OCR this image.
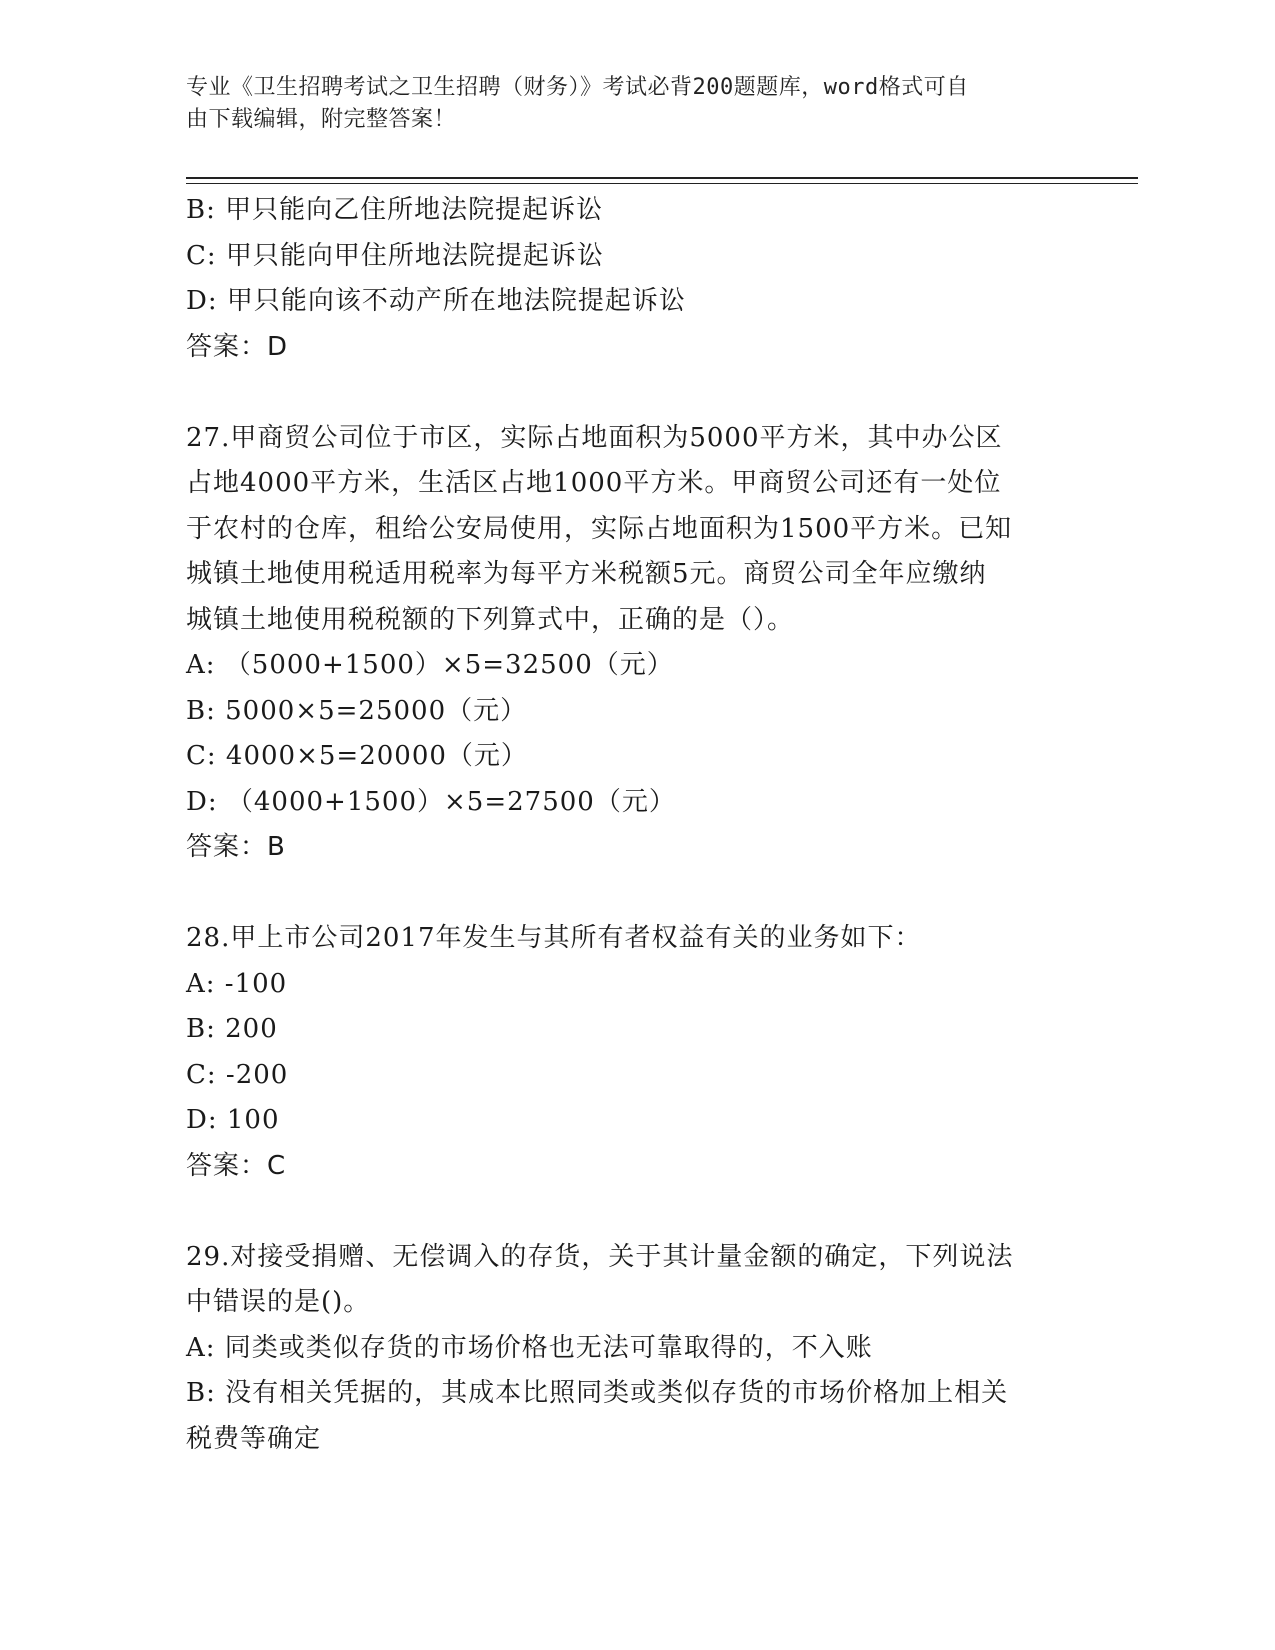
专业《卫生招聘考试之卫生招聘（财务）》考试必背200题题库，word格式可自
由下载编辑，附完整答案！
B: 甲只能向乙住所地法院提起诉讼
C: 甲只能向甲住所地法院提起诉讼
D: 甲只能向该不动产所在地法院提起诉讼
答案：D
27.甲商贸公司位于市区，实际占地面积为5000平方米，其中办公区
占地4000平方米，生活区占地1000平方米。甲商贸公司还有一处位
于农村的仓库，租给公安局使用，实际占地面积为1500平方米。已知
城镇土地使用税适用税率为每平方米税额5元。商贸公司全年应缴纳
城镇土地使用税税额的下列算式中，正确的是（）。
A: （5000+1500）×5=32500（元）
B: 5000×5=25000（元）
C: 4000×5=20000（元）
D: （4000+1500）×5=27500（元）
答案：B
28.甲上市公司2017年发生与其所有者权益有关的业务如下：
A: -100
B: 200
C: -200
D: 100
答案：C
29.对接受捐赠、无偿调入的存货，关于其计量金额的确定，下列说法
中错误的是()。
A: 同类或类似存货的市场价格也无法可靠取得的，不入账
B: 没有相关凭据的，其成本比照同类或类似存货的市场价格加上相关
税费等确定
